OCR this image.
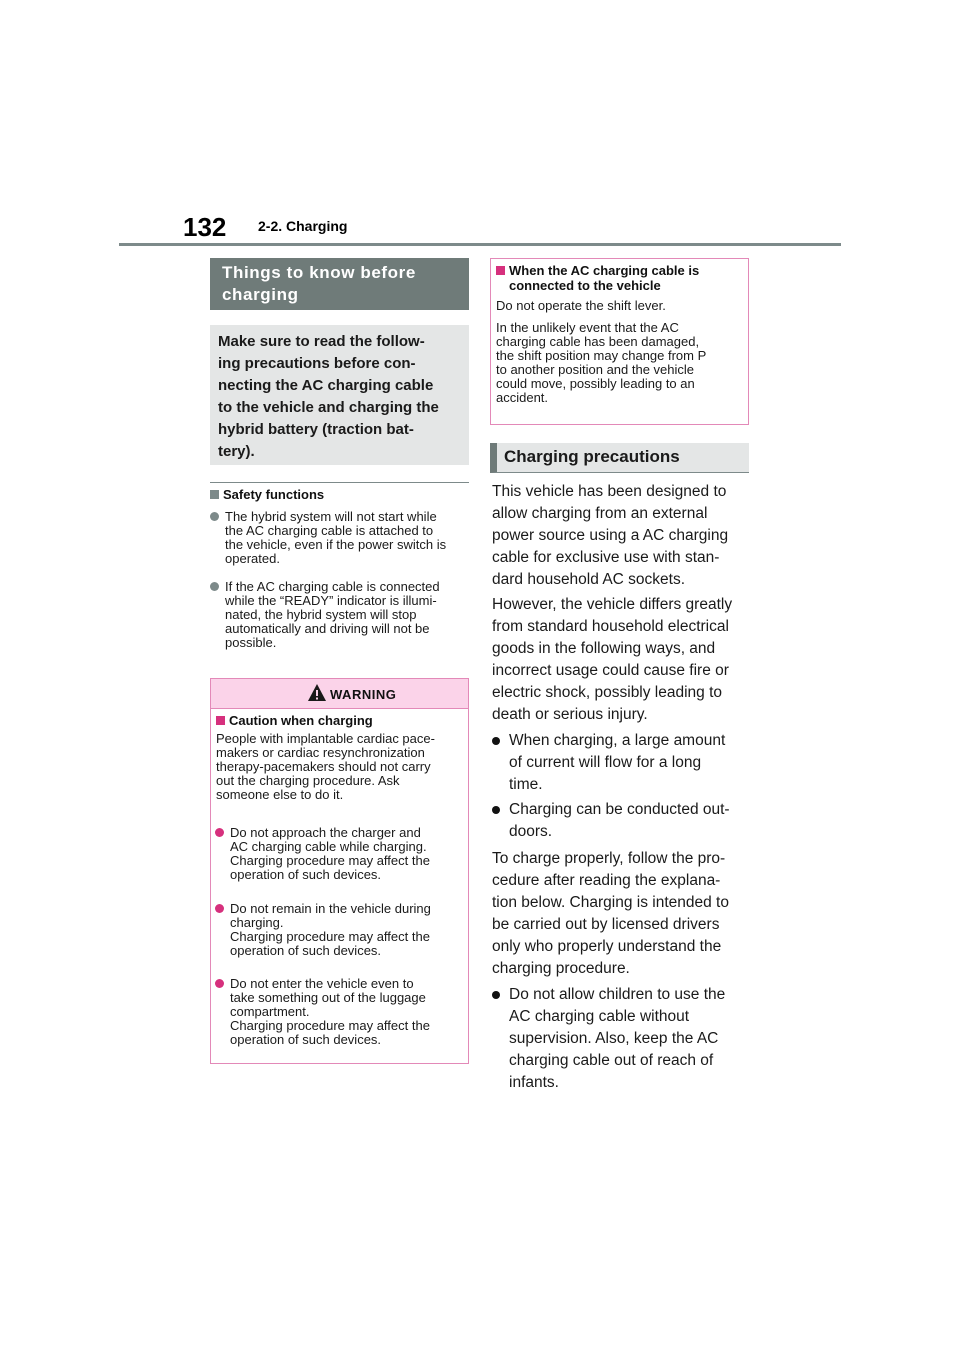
132 2-2. Charging
Things to know before
charging
Make sure to read the follow-
ing precautions before con-
necting the AC charging cable
to the vehicle and charging the
hybrid battery (traction bat-
tery).
Safety functions
The hybrid system will not start while
the AC charging cable is attached to
the vehicle, even if the power switch is
operated.
If the AC charging cable is connected
while the “READY” indicator is illumi-
nated, the hybrid system will stop
automatically and driving will not be
possible.
WARNING
Caution when charging
People with implantable cardiac pace-
makers or cardiac resynchronization
therapy-pacemakers should not carry
out the charging procedure. Ask
someone else to do it.
Do not approach the charger and
AC charging cable while charging.
Charging procedure may affect the
operation of such devices.
Do not remain in the vehicle during
charging.
Charging procedure may affect the
operation of such devices.
Do not enter the vehicle even to
take something out of the luggage
compartment.
Charging procedure may affect the
operation of such devices.
When the AC charging cable is
connected to the vehicle
Do not operate the shift lever.
In the unlikely event that the AC
charging cable has been damaged,
the shift position may change from P
to another position and the vehicle
could move, possibly leading to an
accident.
Charging precautions
This vehicle has been designed to
allow charging from an external
power source using a AC charging
cable for exclusive use with stan-
dard household AC sockets.
However, the vehicle differs greatly
from standard household electrical
goods in the following ways, and
incorrect usage could cause fire or
electric shock, possibly leading to
death or serious injury.
When charging, a large amount
of current will flow for a long
time.
Charging can be conducted out-
doors.
To charge properly, follow the pro-
cedure after reading the explana-
tion below. Charging is intended to
be carried out by licensed drivers
only who properly understand the
charging procedure.
Do not allow children to use the
AC charging cable without
supervision. Also, keep the AC
charging cable out of reach of
infants.
